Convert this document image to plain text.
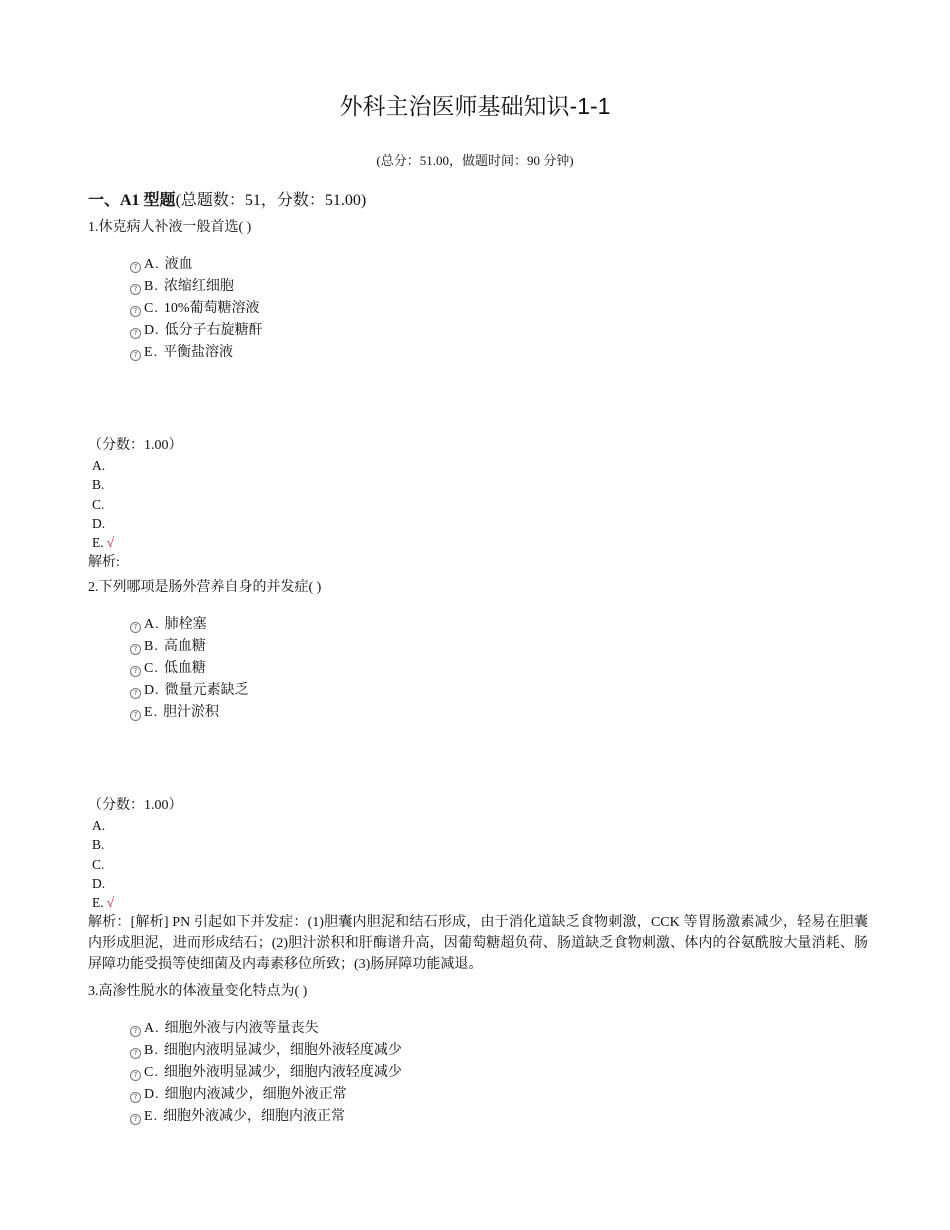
外科主治医师基础知识-1-1
(总分：51.00，做题时间：90 分钟)
一、A1 型题(总题数：51，分数：51.00)
1.休克病人补液一般首选( )
? A. 液血
? B. 浓缩红细胞
? C. 10%葡萄糖溶液
? D. 低分子右旋糖酐
? E. 平衡盐溶液
（分数：1.00）
A.
B.
C.
D.
E. √
解析:
2.下列哪项是肠外营养自身的并发症( )
? A. 肺栓塞
? B. 高血糖
? C. 低血糖
? D. 微量元素缺乏
? E. 胆汁淤积
（分数：1.00）
A.
B.
C.
D.
E. √
解析：[解析] PN 引起如下并发症：(1)胆囊内胆泥和结石形成，由于消化道缺乏食物刺激，CCK 等胃肠激素减少，轻易在胆囊内形成胆泥，进而形成结石；(2)胆汁淤积和肝酶谱升高，因葡萄糖超负荷、肠道缺乏食物刺激、体内的谷氨酰胺大量消耗、肠屏障功能受损等使细菌及内毒素移位所致；(3)肠屏障功能减退。
3.高渗性脱水的体液量变化特点为( )
? A. 细胞外液与内液等量丧失
? B. 细胞内液明显减少，细胞外液轻度减少
? C. 细胞外液明显减少，细胞内液轻度减少
? D. 细胞内液减少，细胞外液正常
? E. 细胞外液减少，细胞内液正常
